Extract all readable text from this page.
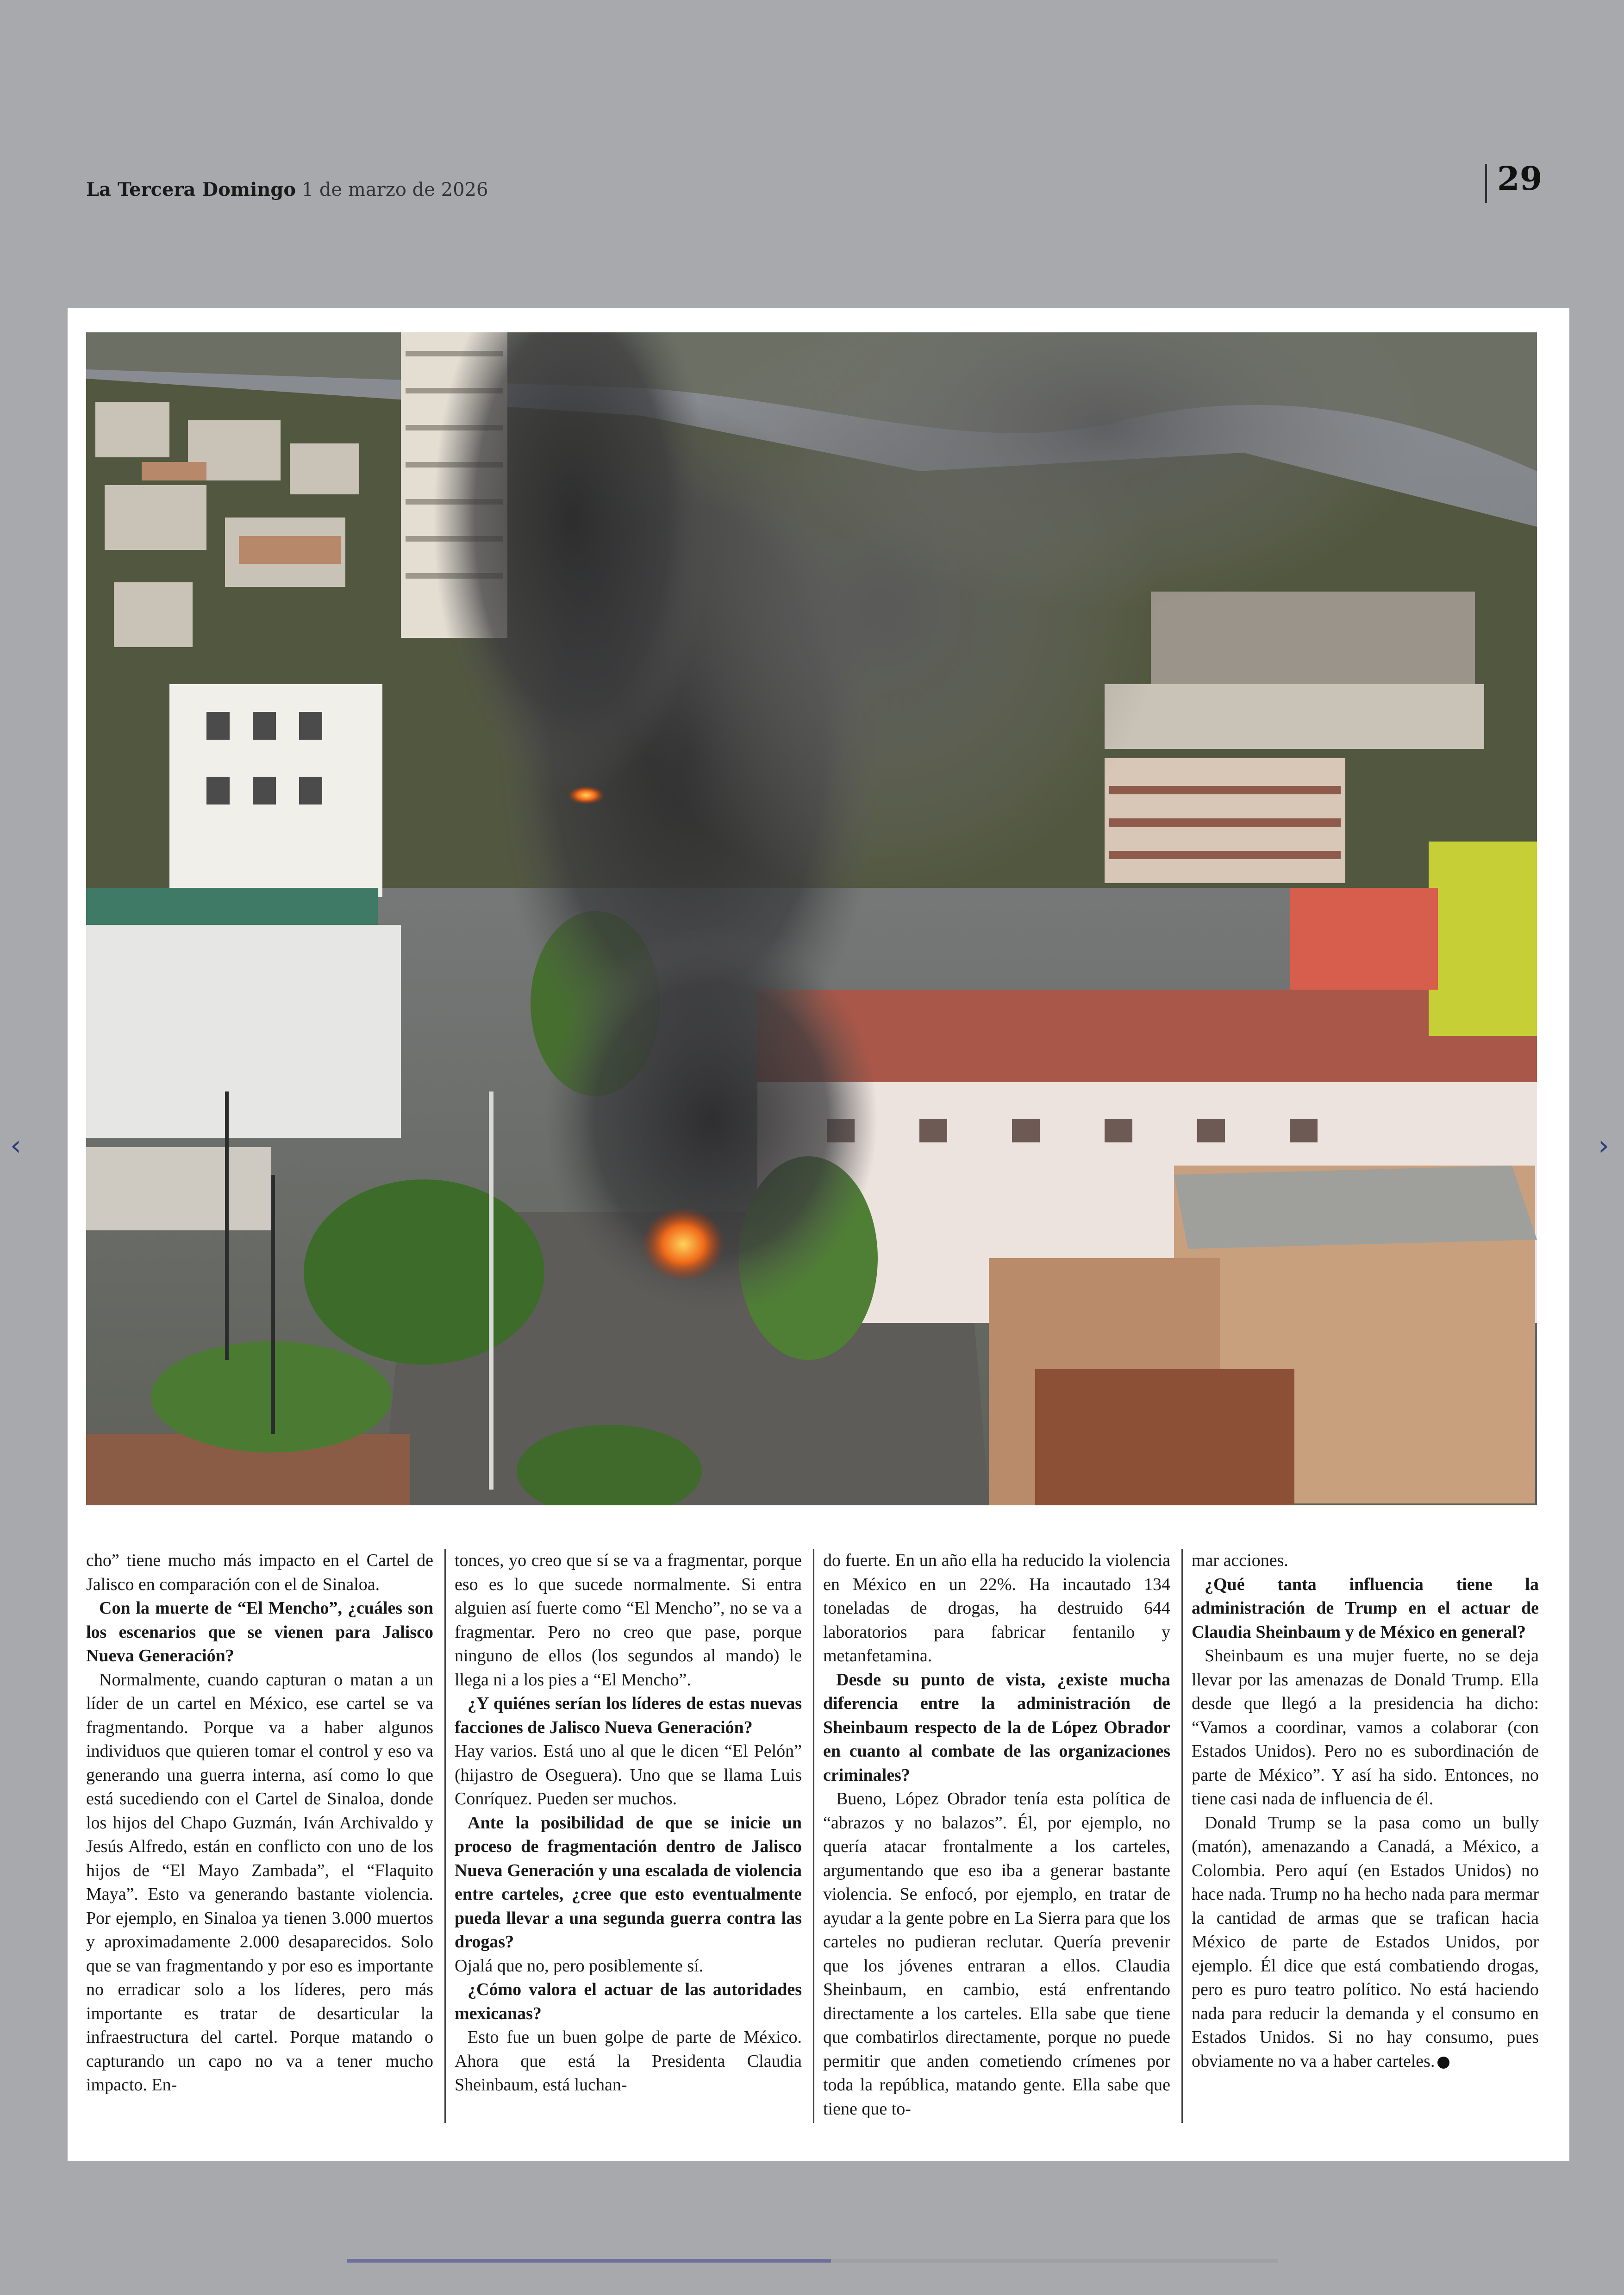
La Tercera Domingo 1 de marzo de 2026	29
‹	›

cho” tiene mucho más impacto en el Cartel de Jalisco en comparación con el de Sinaloa.

Con la muerte de “El Mencho”, ¿cuáles son los escenarios que se vienen para Jalisco Nueva Generación?

Normalmente, cuando capturan o matan a un líder de un cartel en México, ese cartel se va fragmentando. Porque va a haber algunos individuos que quieren tomar el control y eso va generando una guerra interna, así como lo que está sucediendo con el Cartel de Sinaloa, donde los hijos del Chapo Guzmán, Iván Archivaldo y Jesús Alfredo, están en conflicto con uno de los hijos de “El Mayo Zambada”, el “Flaquito Maya”. Esto va generando bastante violencia. Por ejemplo, en Sinaloa ya tienen 3.000 muertos y aproximadamente 2.000 desaparecidos. Solo que se van fragmentando y por eso es importante no erradicar solo a los líderes, pero más importante es tratar de desarticular la infraestructura del cartel. Porque matando o capturando un capo no va a tener mucho impacto. En-

tonces, yo creo que sí se va a fragmentar, porque eso es lo que sucede normalmente. Si entra alguien así fuerte como “El Mencho”, no se va a fragmentar. Pero no creo que pase, porque ninguno de ellos (los segundos al mando) le llega ni a los pies a “El Mencho”.

¿Y quiénes serían los líderes de estas nuevas facciones de Jalisco Nueva Generación?

Hay varios. Está uno al que le dicen “El Pelón” (hijastro de Oseguera). Uno que se llama Luis Conríquez. Pueden ser muchos.

Ante la posibilidad de que se inicie un proceso de fragmentación dentro de Jalisco Nueva Generación y una escalada de violencia entre carteles, ¿cree que esto eventualmente pueda llevar a una segunda guerra contra las drogas?

Ojalá que no, pero posiblemente sí.

¿Cómo valora el actuar de las autoridades mexicanas?

Esto fue un buen golpe de parte de México. Ahora que está la Presidenta Claudia Sheinbaum, está luchan-

do fuerte. En un año ella ha reducido la violencia en México en un 22%. Ha incautado 134 toneladas de drogas, ha destruido 644 laboratorios para fabricar fentanilo y metanfetamina.

Desde su punto de vista, ¿existe mucha diferencia entre la administración de Sheinbaum respecto de la de López Obrador en cuanto al combate de las organizaciones criminales?

Bueno, López Obrador tenía esta política de “abrazos y no balazos”. Él, por ejemplo, no quería atacar frontalmente a los carteles, argumentando que eso iba a generar bastante violencia. Se enfocó, por ejemplo, en tratar de ayudar a la gente pobre en La Sierra para que los carteles no pudieran reclutar. Quería prevenir que los jóvenes entraran a ellos. Claudia Sheinbaum, en cambio, está enfrentando directamente a los carteles. Ella sabe que tiene que combatirlos directamente, porque no puede permitir que anden cometiendo crímenes por toda la república, matando gente. Ella sabe que tiene que to-

mar acciones.

¿Qué tanta influencia tiene la administración de Trump en el actuar de Claudia Sheinbaum y de México en general?

Sheinbaum es una mujer fuerte, no se deja llevar por las amenazas de Donald Trump. Ella desde que llegó a la presidencia ha dicho: “Vamos a coordinar, vamos a colaborar (con Estados Unidos). Pero no es subordinación de parte de México”. Y así ha sido. Entonces, no tiene casi nada de influencia de él.

Donald Trump se la pasa como un bully (matón), amenazando a Canadá, a México, a Colombia. Pero aquí (en Estados Unidos) no hace nada. Trump no ha hecho nada para mermar la cantidad de armas que se trafican hacia México de parte de Estados Unidos, por ejemplo. Él dice que está combatiendo drogas, pero es puro teatro político. No está haciendo nada para reducir la demanda y el consumo en Estados Unidos. Si no hay consumo, pues obviamente no va a haber carteles.
